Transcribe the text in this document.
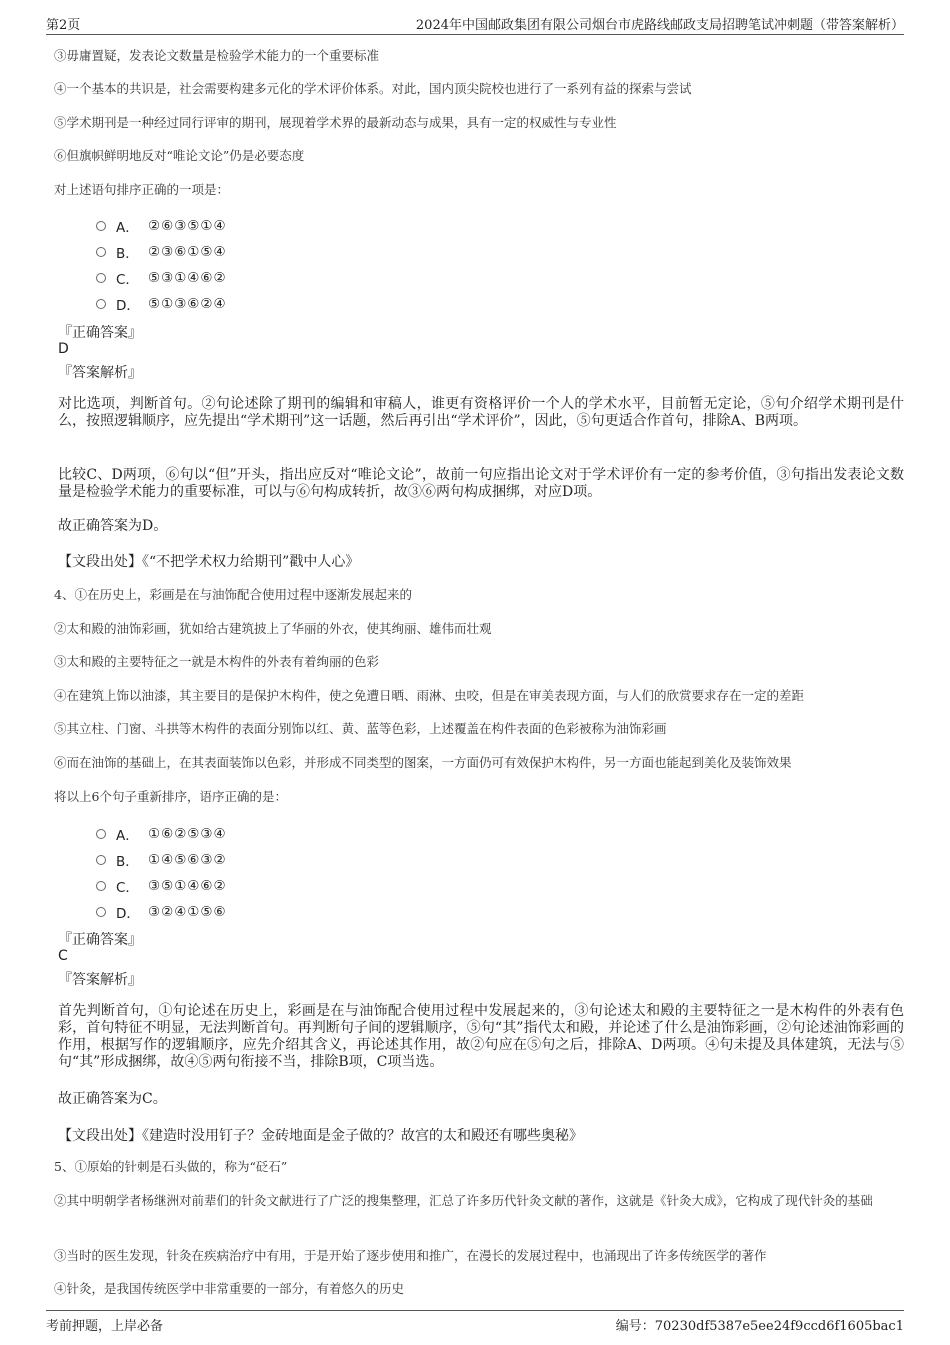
第2页	2024年中国邮政集团有限公司烟台市虎路线邮政支局招聘笔试冲刺题（带答案解析）
③毋庸置疑，发表论文数量是检验学术能力的一个重要标准
④一个基本的共识是，社会需要构建多元化的学术评价体系。对此，国内顶尖院校也进行了一系列有益的探索与尝试
⑤学术期刊是一种经过同行评审的期刊，展现着学术界的最新动态与成果，具有一定的权威性与专业性
⑥但旗帜鲜明地反对“唯论文论”仍是必要态度
对上述语句排序正确的一项是：
A． ②⑥③⑤①④
B． ②③⑥①⑤④
C． ⑤③①④⑥②
D． ⑤①③⑥②④
『正确答案』
D
『答案解析』
对比选项，判断首句。②句论述除了期刊的编辑和审稿人，谁更有资格评价一个人的学术水平，目前暂无定论，⑤句介绍学术期刊是什么，按照逻辑顺序，应先提出“学术期刊”这一话题，然后再引出“学术评价”，因此，⑤句更适合作首句，排除A、B两项。
比较C、D两项，⑥句以“但”开头，指出应反对“唯论文论”，故前一句应指出论文对于学术评价有一定的参考价值，③句指出发表论文数量是检验学术能力的重要标准，可以与⑥句构成转折，故③⑥两句构成捆绑，对应D项。
故正确答案为D。
【文段出处】《“不把学术权力给期刊”戳中人心》
4、①在历史上，彩画是在与油饰配合使用过程中逐渐发展起来的
②太和殿的油饰彩画，犹如给古建筑披上了华丽的外衣，使其绚丽、雄伟而壮观
③太和殿的主要特征之一就是木构件的外表有着绚丽的色彩
④在建筑上饰以油漆，其主要目的是保护木构件，使之免遭日晒、雨淋、虫咬，但是在审美表现方面，与人们的欣赏要求存在一定的差距
⑤其立柱、门窗、斗拱等木构件的表面分别饰以红、黄、蓝等色彩，上述覆盖在构件表面的色彩被称为油饰彩画
⑥而在油饰的基础上，在其表面装饰以色彩，并形成不同类型的图案，一方面仍可有效保护木构件，另一方面也能起到美化及装饰效果
将以上6个句子重新排序，语序正确的是：
A． ①⑥②⑤③④
B． ①④⑤⑥③②
C． ③⑤①④⑥②
D． ③②④①⑤⑥
『正确答案』
C
『答案解析』
首先判断首句，①句论述在历史上，彩画是在与油饰配合使用过程中发展起来的，③句论述太和殿的主要特征之一是木构件的外表有色彩，首句特征不明显，无法判断首句。再判断句子间的逻辑顺序，⑤句“其”指代太和殿，并论述了什么是油饰彩画，②句论述油饰彩画的作用，根据写作的逻辑顺序，应先介绍其含义，再论述其作用，故②句应在⑤句之后，排除A、D两项。④句未提及具体建筑，无法与⑤句“其”形成捆绑，故④⑤两句衔接不当，排除B项，C项当选。
故正确答案为C。
【文段出处】《建造时没用钉子？金砖地面是金子做的？故宫的太和殿还有哪些奥秘》
5、①原始的针刺是石头做的，称为“砭石”
②其中明朝学者杨继洲对前辈们的针灸文献进行了广泛的搜集整理，汇总了许多历代针灸文献的著作，这就是《针灸大成》，它构成了现代针灸的基础
③当时的医生发现，针灸在疾病治疗中有用，于是开始了逐步使用和推广，在漫长的发展过程中，也涌现出了许多传统医学的著作
④针灸，是我国传统医学中非常重要的一部分，有着悠久的历史
考前押题，上岸必备	编号：70230df5387e5ee24f9ccd6f1605bac1
